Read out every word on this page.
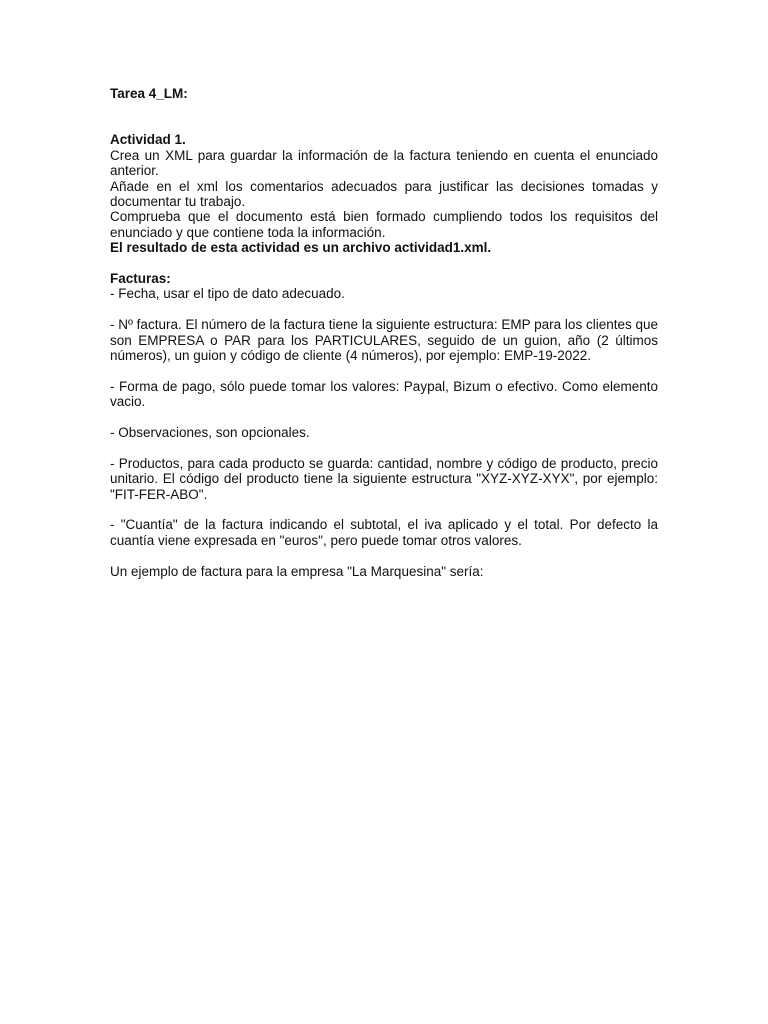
Tarea 4_LM:

Actividad 1.

Crea un XML para guardar la información de la factura teniendo en cuenta el enunciado anterior.

Añade en el xml los comentarios adecuados para justificar las decisiones tomadas y documentar tu trabajo.

Comprueba que el documento está bien formado cumpliendo todos los requisitos del enunciado y que contiene toda la información.

El resultado de esta actividad es un archivo actividad1.xml.

Facturas:

- Fecha, usar el tipo de dato adecuado.

- Nº factura. El número de la factura tiene la siguiente estructura: EMP para los clientes que son EMPRESA o PAR para los PARTICULARES, seguido de un guion, año (2 últimos números), un guion y código de cliente (4 números), por ejemplo: EMP-19-2022.

- Forma de pago, sólo puede tomar los valores: Paypal, Bizum o efectivo. Como elemento vacio.

- Observaciones, son opcionales.

- Productos, para cada producto se guarda: cantidad, nombre y código de producto, precio unitario. El código del producto tiene la siguiente estructura "XYZ-XYZ-XYX", por ejemplo: "FIT-FER-ABO".

- "Cuantía" de la factura indicando el subtotal, el iva aplicado y el total. Por defecto la cuantía viene expresada en "euros", pero puede tomar otros valores.

Un ejemplo de factura para la empresa "La Marquesina" sería:
